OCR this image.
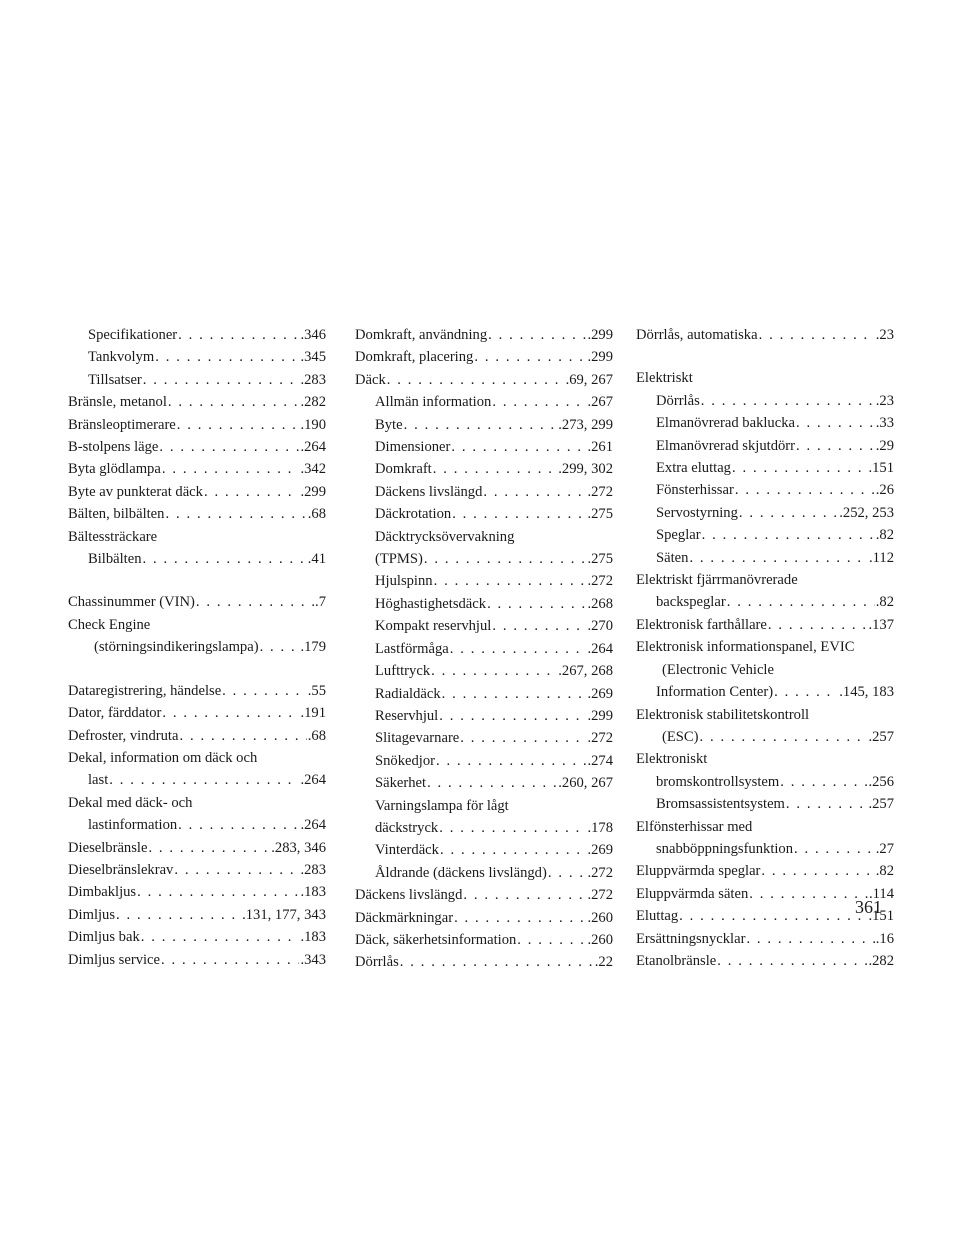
Specifikationer . . .	.346
Tankvolym . . .	.345
Tillsatser . . .	.283
Bränsle, metanol . . .	.282
Bränsleoptimerare . . .	.190
B-stolpens läge . . .	.264
Byta glödlampa . . .	.342
Byte av punkterat däck . . .	.299
Bälten, bilbälten . . .	.68
Bältessträckare
Bilbälten . . .	.41
Chassinummer (VIN) . . .	.7
Check Engine
(störningsindikeringslampa) . . .	.179
Dataregistrering, händelse . . .	.55
Dator, färddator . . .	.191
Defroster, vindruta . . .	.68
Dekal, information om däck och
last . . .	.264
Dekal med däck- och
lastinformation . . .	.264
Dieselbränsle . . .	.283, 346
Dieselbränslekrav . . .	.283
Dimbakljus . . .	.183
Dimljus . . .	.131, 177, 343
Dimljus bak . . .	.183
Dimljus service . . .	.343
Domkraft, användning . . .	.299
Domkraft, placering . . .	.299
Däck . . .	.69, 267
Allmän information . . .	.267
Byte . . .	.273, 299
Dimensioner . . .	.261
Domkraft . . .	.299, 302
Däckens livslängd . . .	.272
Däckrotation . . .	.275
Däcktrycksövervakning
(TPMS) . . .	.275
Hjulspinn . . .	.272
Höghastighetsdäck . . .	.268
Kompakt reservhjul . . .	.270
Lastförmåga . . .	.264
Lufttryck . . .	.267, 268
Radialdäck . . .	.269
Reservhjul . . .	.299
Slitagevarnare . . .	.272
Snökedjor . . .	.274
Säkerhet . . .	.260, 267
Varningslampa för lågt
däckstryck . . .	.178
Vinterdäck . . .	.269
Åldrande (däckens livslängd) . . .	.272
Däckens livslängd . . .	.272
Däckmärkningar . . .	.260
Däck, säkerhetsinformation . . .	.260
Dörrlås . . .	.22
Dörrlås, automatiska . . .	.23
Elektriskt
Dörrlås . . .	.23
Elmanövrerad baklucka . . .	.33
Elmanövrerad skjutdörr . . .	.29
Extra eluttag . . .	.151
Fönsterhissar . . .	.26
Servostyrning . . .	.252, 253
Speglar . . .	.82
Säten . . .	.112
Elektriskt fjärrmanövrerade
backspeglar . . .	.82
Elektronisk farthållare . . .	.137
Elektronisk informationspanel, EVIC
(Electronic Vehicle
Information Center) . . .	.145, 183
Elektronisk stabilitetskontroll
(ESC) . . .	.257
Elektroniskt
bromskontrollsystem . . .	.256
Bromsassistentsystem . . .	.257
Elfönsterhissar med
snabböppningsfunktion . . .	.27
Eluppvärmda speglar . . .	.82
Eluppvärmda säten . . .	.114
Eluttag . . .	.151
Ersättningsnycklar . . .	.16
Etanolbränsle . . .	.282
361
